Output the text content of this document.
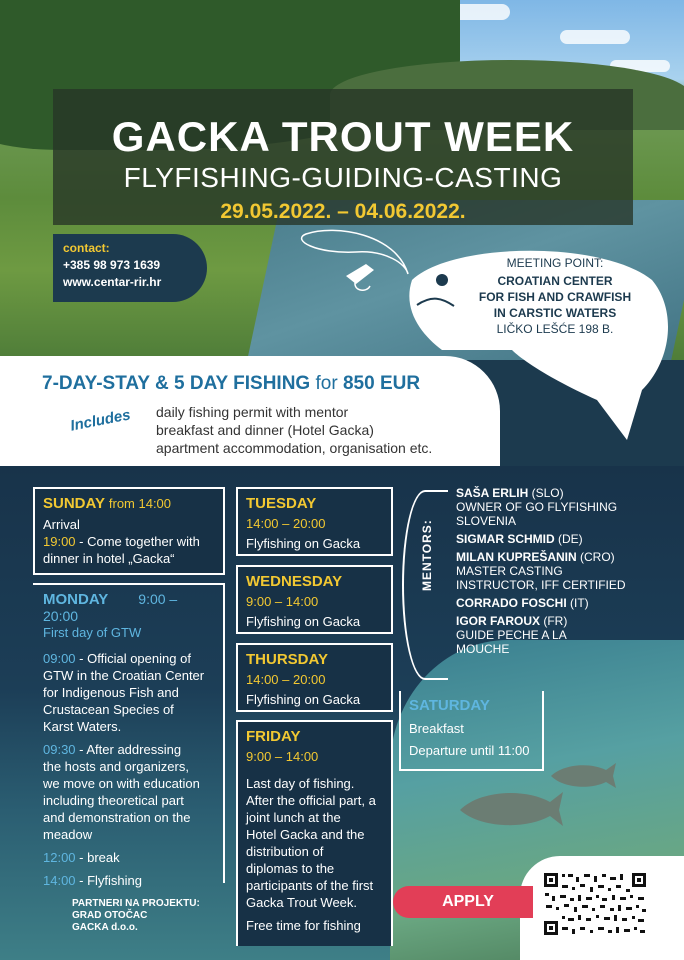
GACKA TROUT WEEK
FLYFISHING-GUIDING-CASTING
29.05.2022. – 04.06.2022.
contact:
+385 98 973 1639
www.centar-rir.hr
MEETING POINT:
CROATIAN CENTER
FOR FISH AND CRAWFISH
IN CARSTIC WATERS
LIČKO LEŠĆE 198 B.
7-DAY-STAY & 5 DAY FISHING for 850 EUR
Includes daily fishing permit with mentor
breakfast and dinner (Hotel Gacka)
apartment accommodation, organisation etc.
SUNDAY from 14:00
Arrival
19:00 - Come together with
dinner in hotel „Gacka“
MONDAY 9:00 – 20:00
First day of GTW
09:00 - Official opening of
GTW in the Croatian Center
for Indigenous Fish and
Crustacean Species of
Karst Waters.
09:30 - After addressing
the hosts and organizers,
we move on with education
including theoretical part
and demonstration on the
meadow
12:00 - break
14:00 - Flyfishing
TUESDAY
14:00 – 20:00
Flyfishing on Gacka
WEDNESDAY
9:00 – 14:00
Flyfishing on Gacka
THURSDAY
14:00 – 20:00
Flyfishing on Gacka
FRIDAY
9:00 – 14:00
Last day of fishing.
After the official part, a
joint lunch at the
Hotel Gacka and the
distribution of
diplomas to the
participants of the first
Gacka Trout Week.
Free time for fishing
SATURDAY
Breakfast
Departure until 11:00
MENTORS:
SAŠA ERLIH (SLO)
OWNER OF GO FLYFISHING
SLOVENIA
SIGMAR SCHMID (DE)
MILAN KUPREŠANIN (CRO)
MASTER CASTING
INSTRUCTOR, IFF CERTIFIED
CORRADO FOSCHI (IT)
IGOR FAROUX (FR)
GUIDE PECHE A LA
MOUCHE
PARTNERI NA PROJEKTU:
GRAD OTOČAC
GACKA d.o.o.
APPLY
